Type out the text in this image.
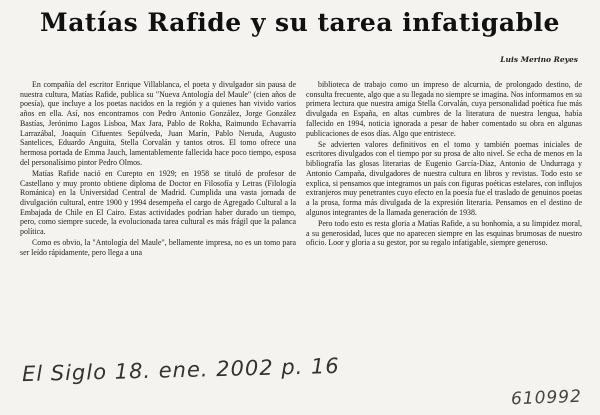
Matías Rafide y su tarea infatigable
Luis Merino Reyes

En compañía del escritor Enrique Villablanca, el poeta y divulgador sin pausa de nuestra cultura, Matías Rafide, publica su "Nueva Antología del Maule" (cien años de poesía), que incluye a los poetas nacidos en la región y a quienes han vivido varios años en ella. Así, nos encontramos con Pedro Antonio González, Jorge González Bastías, Jerónimo Lagos Lisboa, Max Jara, Pablo de Rokha, Raimundo Echavarría Larrazábal, Joaquín Cifuentes Sepúlveda, Juan Marín, Pablo Neruda, Augusto Santelices, Eduardo Anguita, Stella Corvalán y tantos otros. El tomo ofrece una hermosa portada de Emma Jauch, lamentablemente fallecida hace poco tiempo, esposa del personalísimo pintor Pedro Olmos.

Matías Rafide nació en Curepto en 1929; en 1958 se tituló de profesor de Castellano y muy pronto obtiene diploma de Doctor en Filosofía y Letras (Filología Románica) en la Universidad Central de Madrid. Cumplida una vasta jornada de divulgación cultural, entre 1900 y 1994 desempeña el cargo de Agregado Cultural a la Embajada de Chile en El Cairo. Estas actividades podrían haber durado un tiempo, pero, como siempre sucede, la evolucionada tarea cultural es más frágil que la palanca política.

Como es obvio, la "Antología del Maule", bellamente impresa, no es un tomo para ser leído rápidamente, pero llega a una

biblioteca de trabajo como un impreso de alcurnia, de prolongado destino, de consulta frecuente, algo que a su llegada no siempre se imagina. Nos informamos en su primera lectura que nuestra amiga Stella Corvalán, cuya personalidad poética fue más divulgada en España, en altas cumbres de la literatura de nuestra lengua, había fallecido en 1994, noticia ignorada a pesar de haber comentado su obra en algunas publicaciones de esos días. Algo que entristece.

Se advierten valores definitivos en el tomo y también poemas iniciales de escritores divulgados con el tiempo por su prosa de alto nivel. Se echa de menos en la bibliografía las glosas literarias de Eugenio García-Díaz, Antonio de Undurraga y Antonio Campaña, divulgadores de nuestra cultura en libros y revistas. Todo esto se explica, si pensamos que integramos un país con figuras poéticas estelares, con influjos extranjeros muy penetrantes cuyo efecto en la poesía fue el traslado de genuinos poetas a la prosa, forma más divulgada de la expresión literaria. Pensamos en el destino de algunos integrantes de la llamada generación de 1938.

Pero todo esto es resta gloria a Matías Rafide, a su bonhomía, a su limpidez moral, a su generosidad, luces que no aparecen siempre en las esquinas brumosas de nuestro oficio. Loor y gloria a su gestor, por su regalo infatigable, siempre generoso.

El Siglo 18. ene. 2002 p. 16
610992
